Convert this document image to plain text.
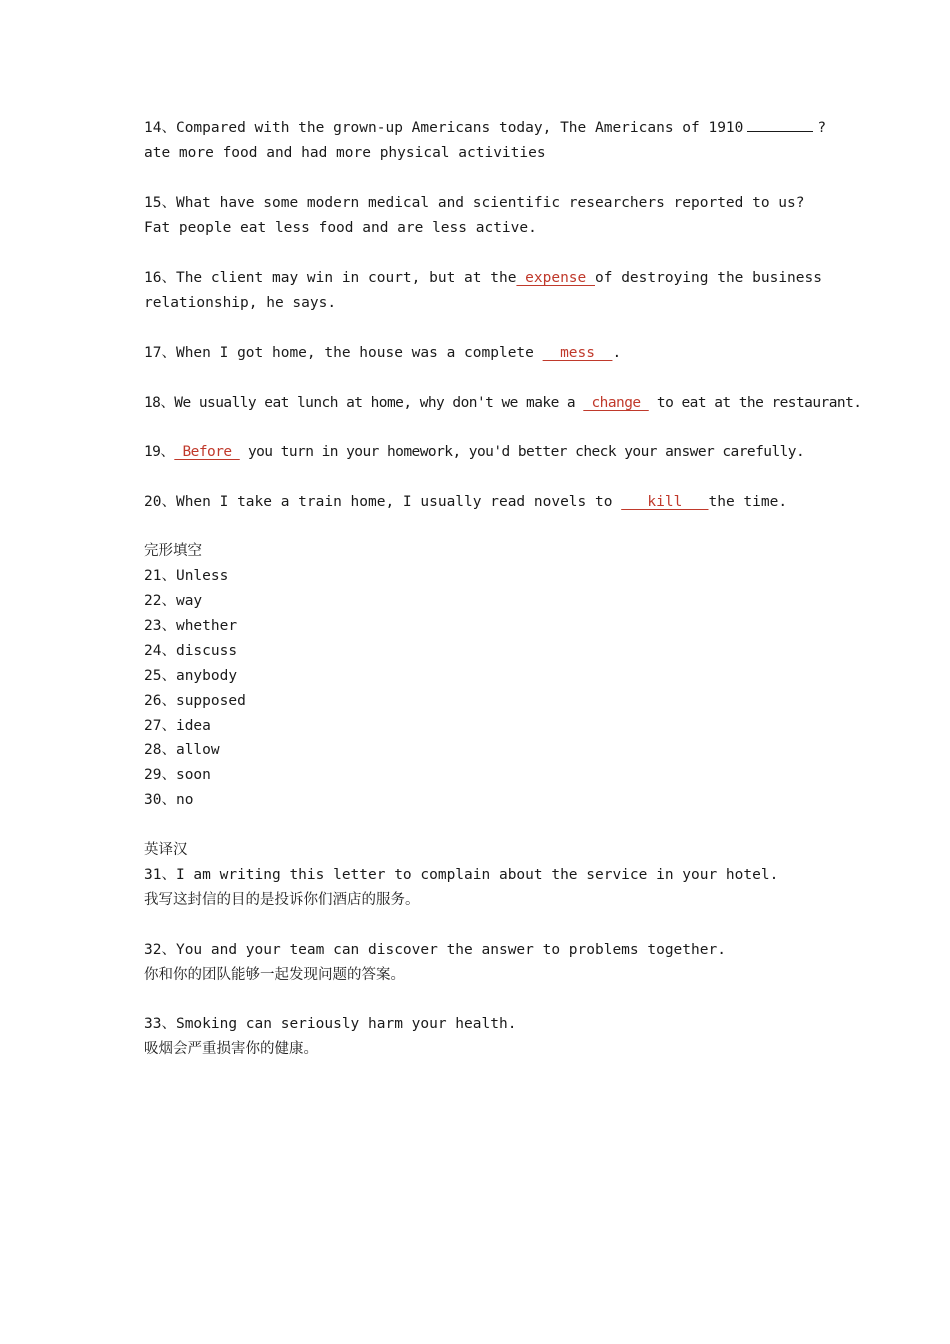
14、Compared with the grown-up Americans today, The Americans of 1910	?
ate more food and had more physical activities
15、What have some modern medical and scientific researchers reported to us?
Fat people eat less food and are less active.
16、The client may win in court, but at the expense of destroying the business
relationship, he says.
17、When I got home, the house was a complete   mess  .
18、We usually eat lunch at home, why don't we make a  change  to eat at the restaurant.
19、 Before  you turn in your homework, you'd better check your answer carefully.
20、When I take a train home, I usually read novels to    kill   the time.
完形填空
21、Unless
22、way
23、whether
24、discuss
25、anybody
26、supposed
27、idea
28、allow
29、soon
30、no
英译汉
31、I am writing this letter to complain about the service in your hotel.
我写这封信的目的是投诉你们酒店的服务。
32、You and your team can discover the answer to problems together.
你和你的团队能够一起发现问题的答案。
33、Smoking can seriously harm your health.
吸烟会严重损害你的健康。
